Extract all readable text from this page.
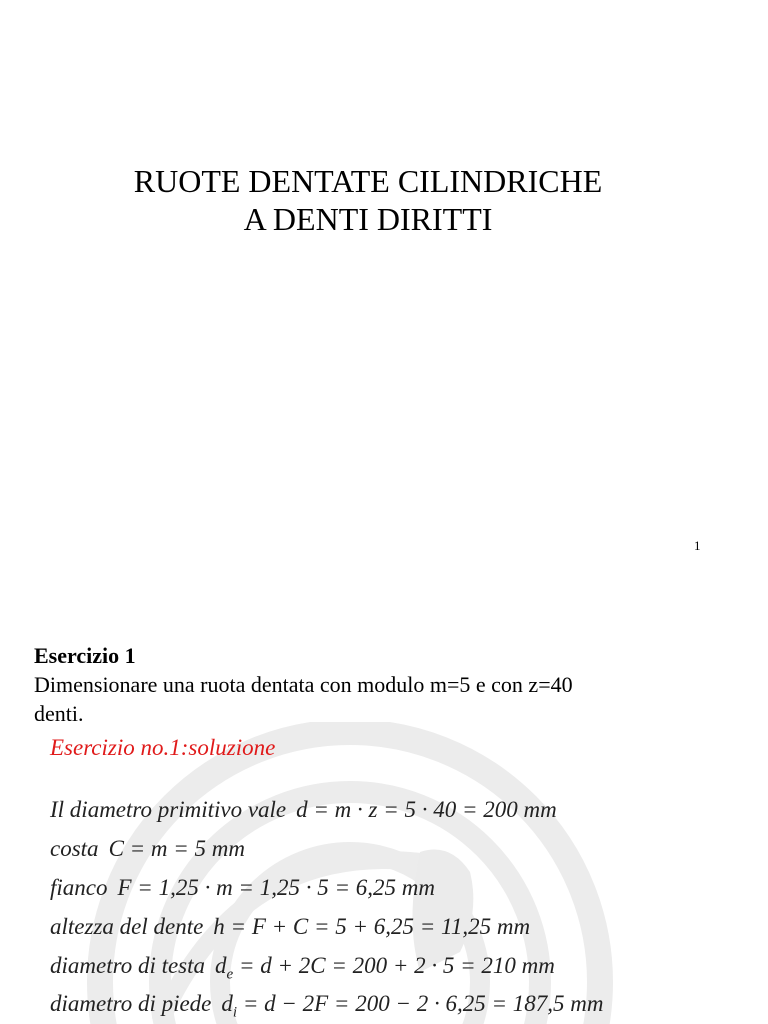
RUOTE DENTATE CILINDRICHE
A DENTI DIRITTI
1
Esercizio 1
Dimensionare una ruota dentata con modulo m=5 e con z=40
denti.
Esercizio no.1:soluzione
Il diametro primitivo vale d = m · z = 5 · 40 = 200 mm
costa C = m = 5 mm
fianco F = 1,25 · m = 1,25 · 5 = 6,25 mm
altezza del dente h = F + C = 5 + 6,25 = 11,25 mm
diametro di testa $d_e = d + 2C = 200 + 2 \cdot 5 = 210$ mm
diametro di piede $d_i = d - 2F = 200 - 2 \cdot 6,25 = 187,5$ mm
